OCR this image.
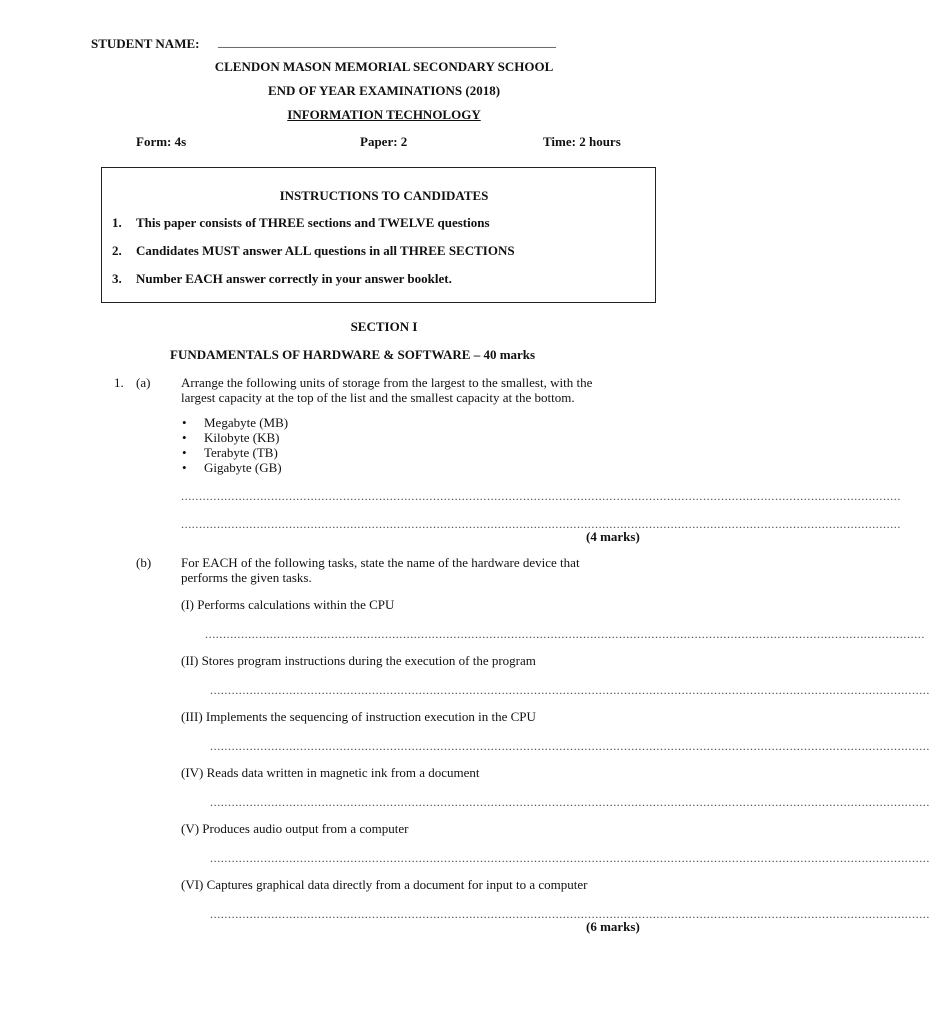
STUDENT NAME: ____________________________________________________
CLENDON MASON MEMORIAL SECONDARY SCHOOL
END OF YEAR EXAMINATIONS (2018)
INFORMATION TECHNOLOGY
Form: 4s	Paper: 2	Time: 2 hours
INSTRUCTIONS TO CANDIDATES
1. This paper consists of THREE sections and TWELVE questions
2. Candidates MUST answer ALL questions in all THREE SECTIONS
3. Number EACH answer correctly in your answer booklet.
SECTION I
FUNDAMENTALS OF HARDWARE & SOFTWARE – 40 marks
1. (a) Arrange the following units of storage from the largest to the smallest, with the
largest capacity at the top of the list and the smallest capacity at the bottom.
• Megabyte (MB)
• Kilobyte (KB)
• Terabyte (TB)
• Gigabyte (GB)
........................................................................................................................................................................................................
........................................................................................................................................................................................................
(4 marks)
(b) For EACH of the following tasks, state the name of the hardware device that
performs the given tasks.
(I) Performs calculations within the CPU
........................................................................................................................................................................................................
(II) Stores program instructions during the execution of the program
........................................................................................................................................................................................................
(III) Implements the sequencing of instruction execution in the CPU
........................................................................................................................................................................................................
(IV) Reads data written in magnetic ink from a document
........................................................................................................................................................................................................
(V) Produces audio output from a computer
........................................................................................................................................................................................................
(VI) Captures graphical data directly from a document for input to a computer
........................................................................................................................................................................................................
(6 marks)
